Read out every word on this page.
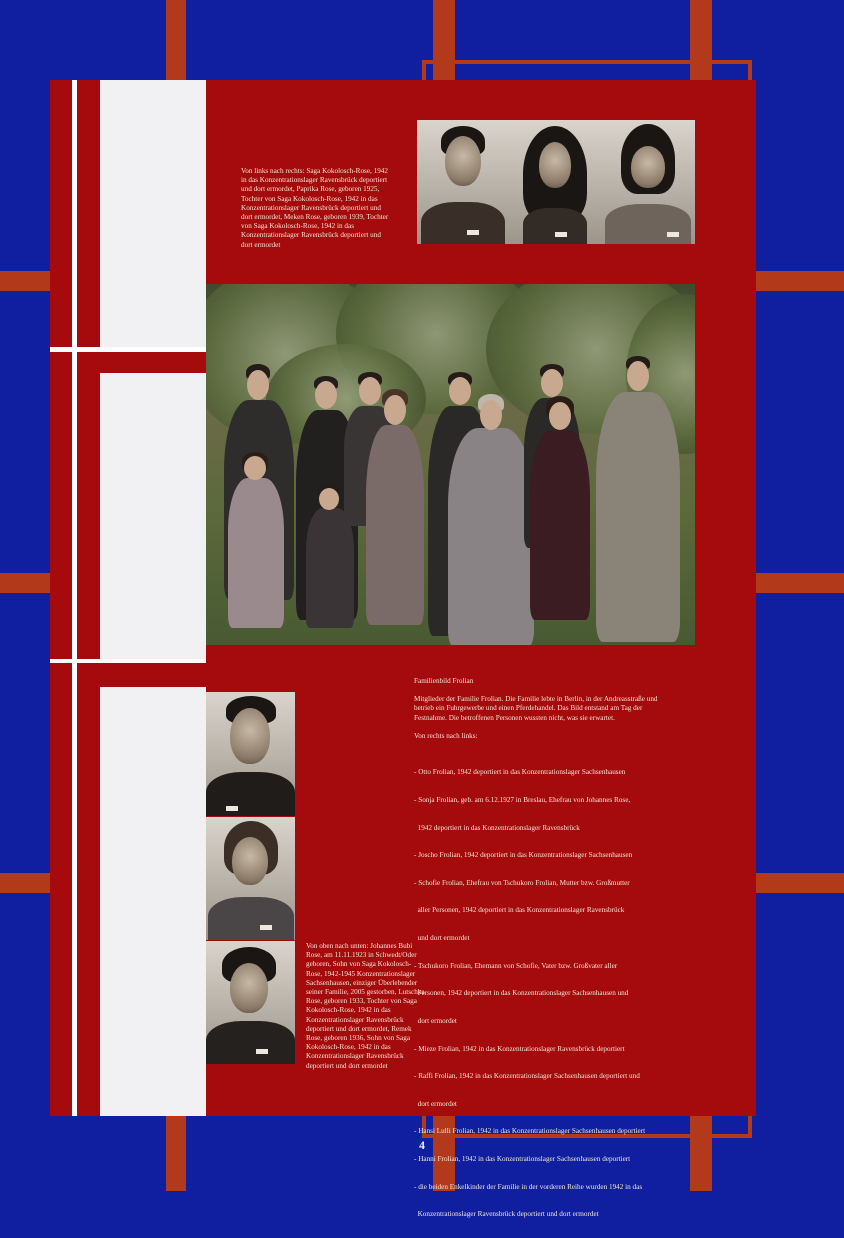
Von links nach rechts: Saga Kokolosch-Rose, 1942 in das Konzentrationslager Ravensbrück deportiert und dort ermordet, Paprika Rose, geboren 1925, Tochter von Saga Kokolosch-Rose, 1942 in das Konzentrationslager Ravensbrück deportiert und dort ermordet, Meken Rose, geboren 1939, Tochter von Saga Kokolosch-Rose, 1942 in das Konzentrationslager Ravensbrück deportiert und dort ermordet

Familienbild Frolian

Mitglieder der Familie Frolian. Die Familie lebte in Berlin, in der Andreasstraße und betrieb ein Fuhrgewerbe und einen Pferdehandel. Das Bild entstand am Tag der Festnahme. Die betroffenen Personen wussten nicht, was sie erwartet.

Von rechts nach links:

- Otto Frolian, 1942 deportiert in das Konzentrationslager Sachsenhausen

- Sonja Frolian, geb. am 6.12.1927 in Breslau, Ehefrau von Johannes Rose,

1942 deportiert in das Konzentrationslager Ravensbrück

- Joscho Frolian, 1942 deportiert in das Konzentrationslager Sachsenhausen

- Schofie Frolian, Ehefrau von Tschukoro Frolian, Mutter bzw. Großmutter

aller Personen, 1942 deportiert in das Konzentrationslager Ravensbrück

und dort ermordet

- Tschukoro Frolian, Ehemann von Schofie, Vater bzw. Großvater aller

Personen, 1942 deportiert in das Konzentrationslager Sachsenhausen und

dort ermordet

- Mieze Frolian, 1942 in das Konzentrationslager Ravensbrück deportiert

- Raffi Frolian, 1942 in das Konzentrationslager Sachsenhausen deportiert und

dort ermordet

- Hansi Lulli Frolian, 1942 in das Konzentrationslager Sachsenhausen deportiert

- Hanni Frolian, 1942 in das Konzentrationslager Sachsenhausen deportiert

- die beiden Enkelkinder der Familie in der vorderen Reihe wurden 1942 in das

Konzentrationslager Ravensbrück deportiert und dort ermordet

Von oben nach unten: Johannes Bubi Rose, am 11.11.1923 in Schwedt/Oder geboren, Sohn von Saga Kokolosch-Rose, 1942-1945 Konzentrationslager Sachsenhausen, einziger Überlebender seiner Familie, 2005 gestorben, Lutschka Rose, geboren 1933, Tochter von Saga Kokolosch-Rose, 1942 in das Konzentrationslager Ravensbrück deportiert und dort ermordet, Remek Rose, geboren 1936, Sohn von Saga Kokolosch-Rose, 1942 in das Konzentrationslager Ravensbrück deportiert und dort ermordet
4
